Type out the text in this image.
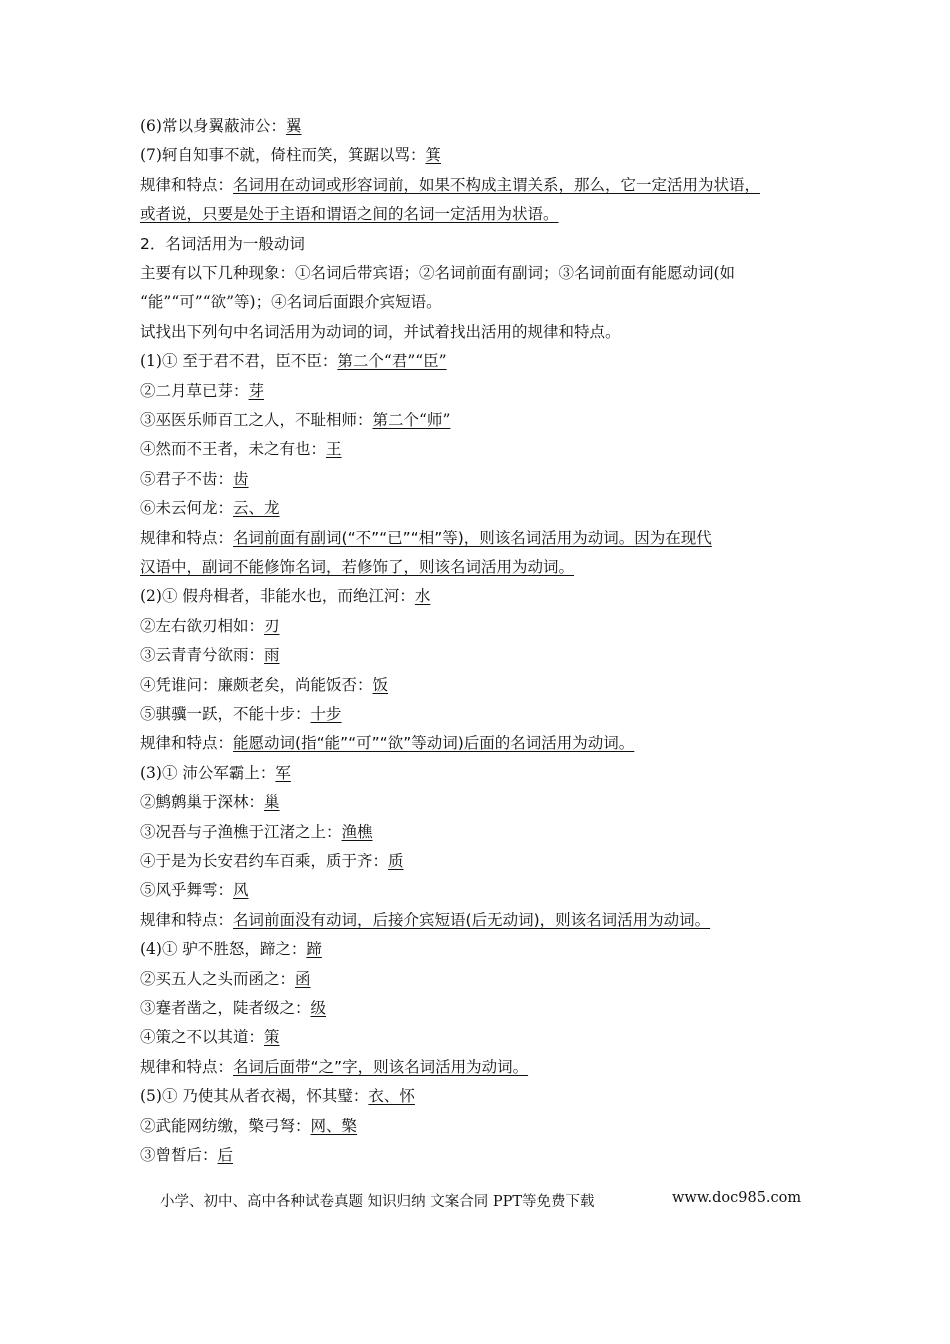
(6)常以身翼蔽沛公：翼
(7)轲自知事不就，倚柱而笑，箕踞以骂：箕
规律和特点：名词用在动词或形容词前，如果不构成主谓关系，那么，它一定活用为状语，
或者说，只要是处于主语和谓语之间的名词一定活用为状语。
2．名词活用为一般动词
主要有以下几种现象：①名词后带宾语；②名词前面有副词；③名词前面有能愿动词(如
“能”“可”“欲”等)；④名词后面跟介宾短语。
试找出下列句中名词活用为动词的词，并试着找出活用的规律和特点。
(1)① 至于君不君，臣不臣：第二个“君”“臣”
②二月草已芽：芽
③巫医乐师百工之人，不耻相师：第二个“师”
④然而不王者，未之有也：王
⑤君子不齿：齿
⑥未云何龙：云、龙
规律和特点：名词前面有副词(“不”“已”“相”等)，则该名词活用为动词。因为在现代
汉语中，副词不能修饰名词，若修饰了，则该名词活用为动词。
(2)① 假舟楫者，非能水也，而绝江河：水
②左右欲刃相如：刃
③云青青兮欲雨：雨
④凭谁问：廉颇老矣，尚能饭否：饭
⑤骐骥一跃，不能十步：十步
规律和特点：能愿动词(指“能”“可”“欲”等动词)后面的名词活用为动词。
(3)① 沛公军霸上：军
②鹪鹩巢于深林：巢
③况吾与子渔樵于江渚之上：渔樵
④于是为长安君约车百乘，质于齐：质
⑤风乎舞雩：风
规律和特点：名词前面没有动词，后接介宾短语(后无动词)，则该名词活用为动词。
(4)① 驴不胜怒，蹄之：蹄
②买五人之头而函之：函
③蹇者凿之，陡者级之：级
④策之不以其道：策
规律和特点：名词后面带“之”字，则该名词活用为动词。
(5)① 乃使其从者衣褐，怀其璧：衣、怀
②武能网纺缴，檠弓弩：网、檠
③曾皙后：后
小学、初中、高中各种试卷真题 知识归纳 文案合同 PPT等免费下载	www.doc985.com
